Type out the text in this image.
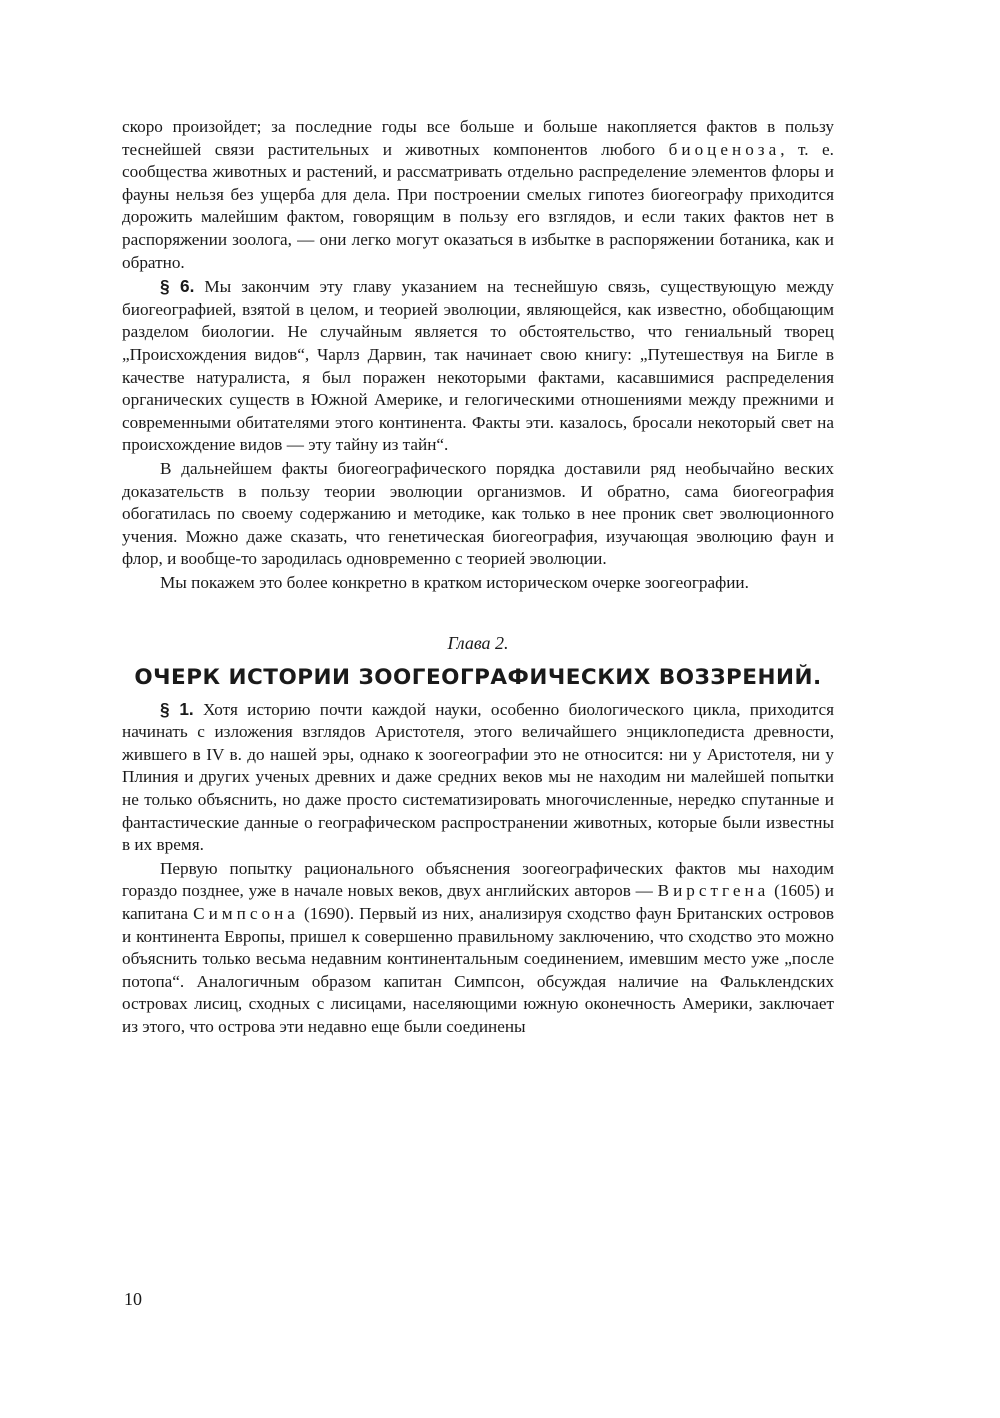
скоро произойдет; за последние годы все больше и больше накопляется фактов в пользу теснейшей связи растительных и животных компонентов любого биоценоза, т. е. сообщества животных и растений, и рассматривать отдельно распределение элементов флоры и фауны нельзя без ущерба для дела. При построении смелых гипотез биогеографу приходится дорожить малейшим фактом, говорящим в пользу его взглядов, и если таких фактов нет в распоряжении зоолога, — они легко могут оказаться в избытке в распоряжении ботаника, как и обратно.

§ 6. Мы закончим эту главу указанием на теснейшую связь, существующую между биогеографией, взятой в целом, и теорией эволюции, являющейся, как известно, обобщающим разделом биологии. Не случайным является то обстоятельство, что гениальный творец „Происхождения видов“, Чарлз Дарвин, так начинает свою книгу: „Путешествуя на Бигле в качестве натуралиста, я был поражен некоторыми фактами, касавшимися распределения органических существ в Южной Америке, и гелогическими отношениями между прежними и современными обитателями этого континента. Факты эти. казалось, бросали некоторый свет на происхождение видов — эту тайну из тайн“.

В дальнейшем факты биогеографического порядка доставили ряд необычайно веских доказательств в пользу теории эволюции организмов. И обратно, сама биогеография обогатилась по своему содержанию и методике, как только в нее проник свет эволюционного учения. Можно даже сказать, что генетическая биогеография, изучающая эволюцию фаун и флор, и вообще-то зародилась одновременно с теорией эволюции.

Мы покажем это более конкретно в кратком историческом очерке зоогеографии.

Глава 2.

ОЧЕРК ИСТОРИИ ЗООГЕОГРАФИЧЕСКИХ ВОЗЗРЕНИЙ.

§ 1. Хотя историю почти каждой науки, особенно биологического цикла, приходится начинать с изложения взглядов Аристотеля, этого величайшего энциклопедиста древности, жившего в IV в. до нашей эры, однако к зоогеографии это не относится: ни у Аристотеля, ни у Плиния и других ученых древних и даже средних веков мы не находим ни малейшей попытки не только объяснить, но даже просто систематизировать многочисленные, нередко спутанные и фантастические данные о географическом распространении животных, которые были известны в их время.

Первую попытку рационального объяснения зоогеографических фактов мы находим гораздо позднее, уже в начале новых веков, двух английских авторов — Вирстгена (1605) и капитана Симпсона (1690). Первый из них, анализируя сходство фаун Британских островов и континента Европы, пришел к совершенно правильному заключению, что сходство это можно объяснить только весьма недавним континентальным соединением, имевшим место уже „после потопа“. Аналогичным образом капитан Симпсон, обсуждая наличие на Фальклендских островах лисиц, сходных с лисицами, населяющими южную оконечность Америки, заключает из этого, что острова эти недавно еще были соединены

10
